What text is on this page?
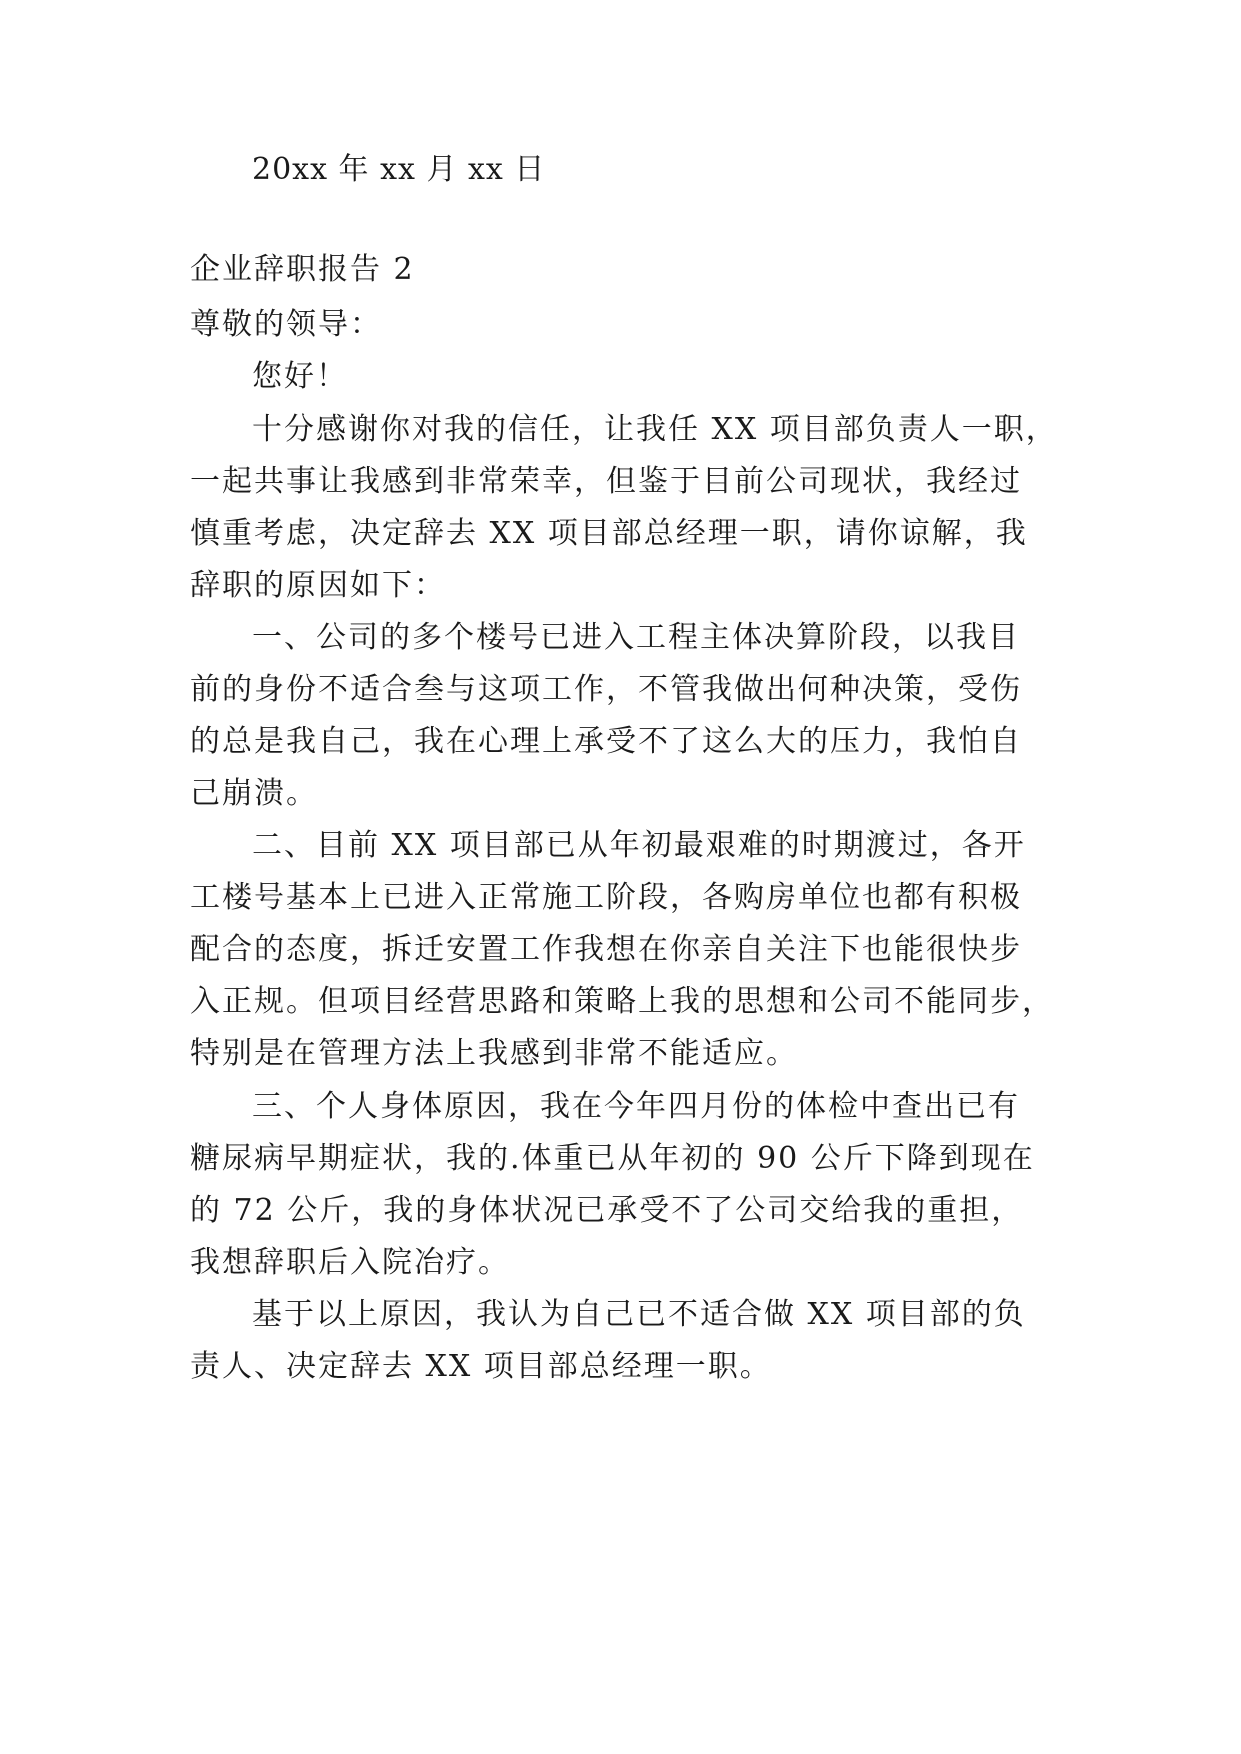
20xx 年 xx 月 xx 日
企业辞职报告 2
尊敬的领导：
您好！
十分感谢你对我的信任，让我任 XX 项目部负责人一职，
一起共事让我感到非常荣幸，但鉴于目前公司现状，我经过
慎重考虑，决定辞去 XX 项目部总经理一职，请你谅解，我
辞职的原因如下：
一、公司的多个楼号已进入工程主体决算阶段，以我目
前的身份不适合叁与这项工作，不管我做出何种决策，受伤
的总是我自己，我在心理上承受不了这么大的压力，我怕自
己崩溃。
二、目前 XX 项目部已从年初最艰难的时期渡过，各开
工楼号基本上已进入正常施工阶段，各购房单位也都有积极
配合的态度，拆迁安置工作我想在你亲自关注下也能很快步
入正规。但项目经营思路和策略上我的思想和公司不能同步，
特别是在管理方法上我感到非常不能适应。
三、个人身体原因，我在今年四月份的体检中查出已有
糖尿病早期症状，我的.体重已从年初的 90 公斤下降到现在
的 72 公斤，我的身体状况已承受不了公司交给我的重担，
我想辞职后入院冶疗。
基于以上原因，我认为自己已不适合做 XX 项目部的负
责人、决定辞去 XX 项目部总经理一职。
